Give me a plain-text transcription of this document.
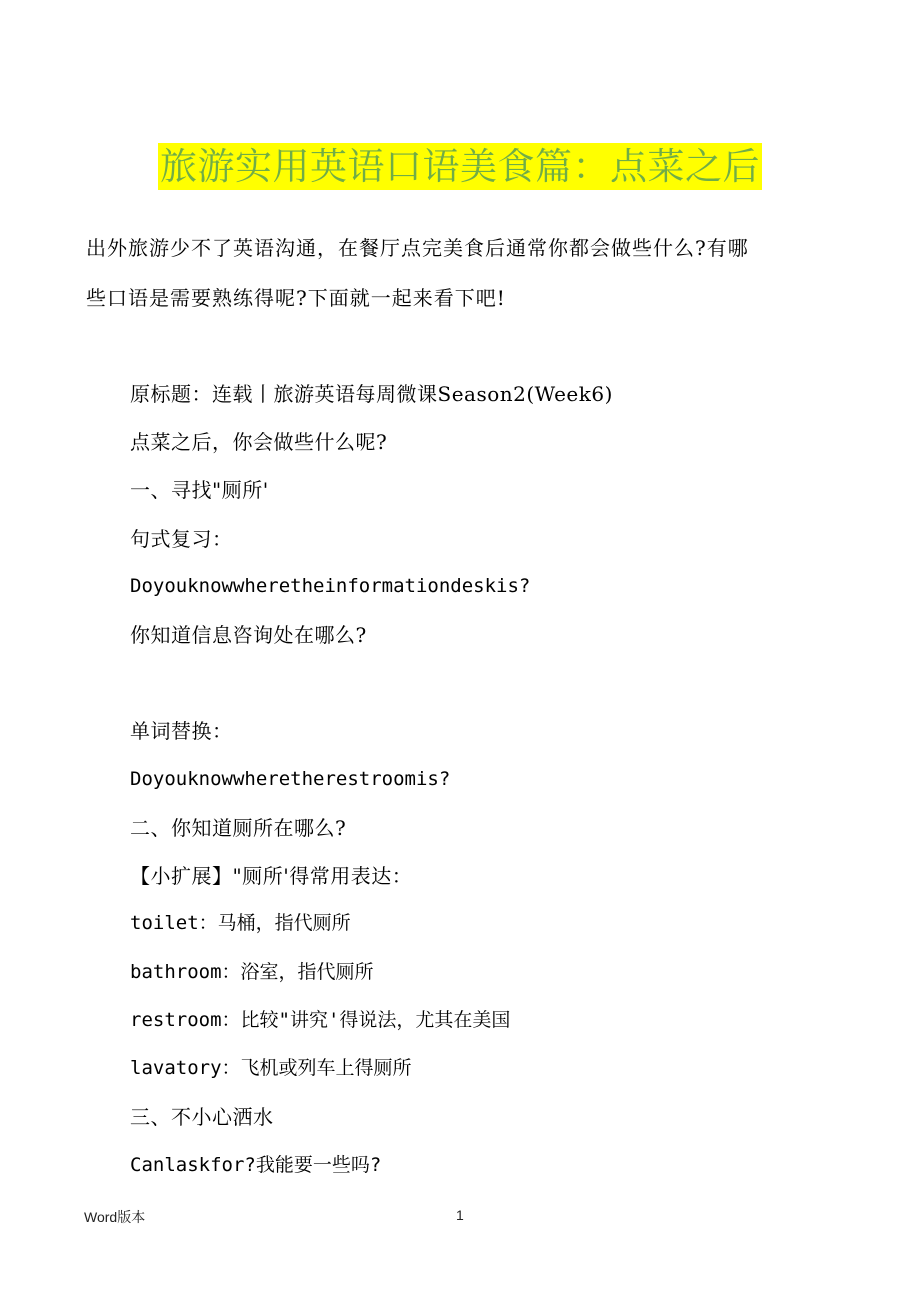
旅游实用英语口语美食篇：点菜之后
出外旅游少不了英语沟通，在餐厅点完美食后通常你都会做些什么?有哪
些口语是需要熟练得呢?下面就一起来看下吧!
原标题：连载丨旅游英语每周微课Season2(Week6)
点菜之后，你会做些什么呢?
一、寻找"厕所'
句式复习：
Doyouknowwheretheinformationdeskis?
你知道信息咨询处在哪么?
单词替换：
Doyouknowwheretherestroomis?
二、你知道厕所在哪么?
【小扩展】"厕所'得常用表达：
toilet：马桶，指代厕所
bathroom：浴室，指代厕所
restroom：比较"讲究'得说法，尤其在美国
lavatory：飞机或列车上得厕所
三、不小心洒水
Canlaskfor?我能要一些吗?
Word版本	1
